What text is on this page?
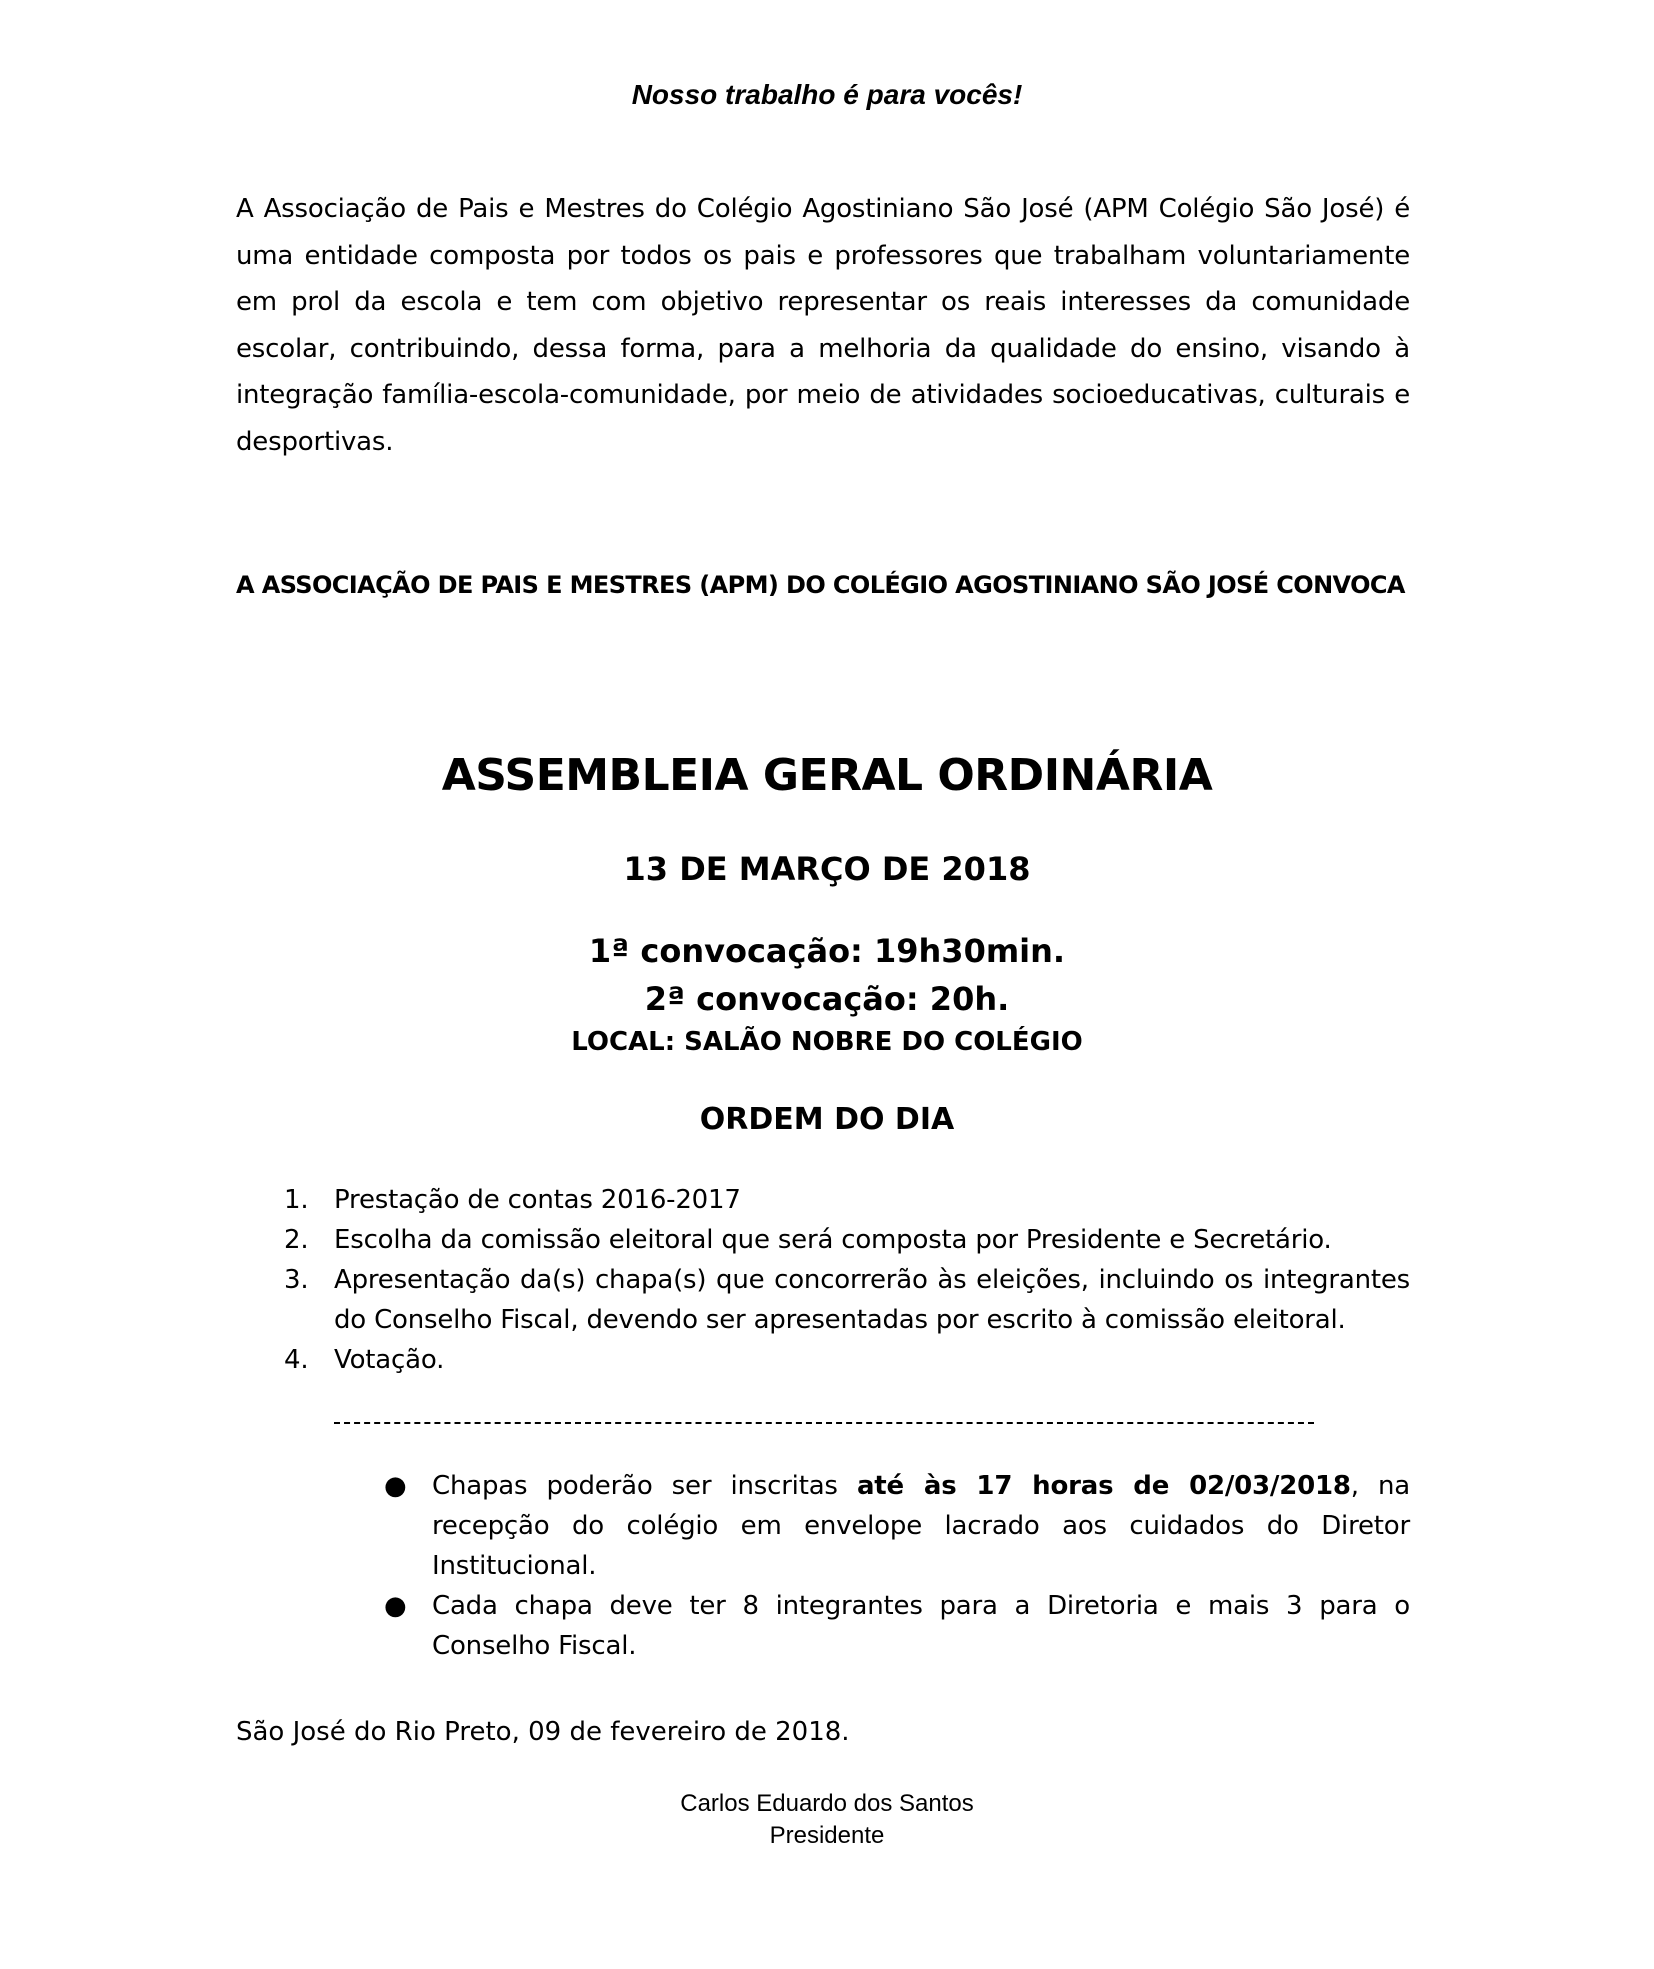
Nosso trabalho é para vocês!

A Associação de Pais e Mestres do Colégio Agostiniano São José (APM Colégio São José) é uma entidade composta por todos os pais e professores que trabalham voluntariamente em prol da escola e tem com objetivo representar os reais interesses da comunidade escolar, contribuindo, dessa forma, para a melhoria da qualidade do ensino, visando à integração família-escola-comunidade, por meio de atividades socioeducativas, culturais e desportivas.

A ASSOCIAÇÃO DE PAIS E MESTRES (APM) DO COLÉGIO AGOSTINIANO SÃO JOSÉ CONVOCA

ASSEMBLEIA GERAL ORDINÁRIA

13 DE MARÇO DE 2018

1ª convocação: 19h30min.

2ª convocação: 20h.

LOCAL: SALÃO NOBRE DO COLÉGIO

ORDEM DO DIA

1. Prestação de contas 2016-2017
2. Escolha da comissão eleitoral que será composta por Presidente e Secretário.
3. Apresentação da(s) chapa(s) que concorrerão às eleições, incluindo os integrantes do Conselho Fiscal, devendo ser apresentadas por escrito à comissão eleitoral.
4. Votação.
● Chapas poderão ser inscritas até às 17 horas de 02/03/2018, na recepção do colégio em envelope lacrado aos cuidados do Diretor Institucional.
● Cada chapa deve ter 8 integrantes para a Diretoria e mais 3 para o Conselho Fiscal.

São José do Rio Preto, 09 de fevereiro de 2018.

Carlos Eduardo dos Santos

Presidente
